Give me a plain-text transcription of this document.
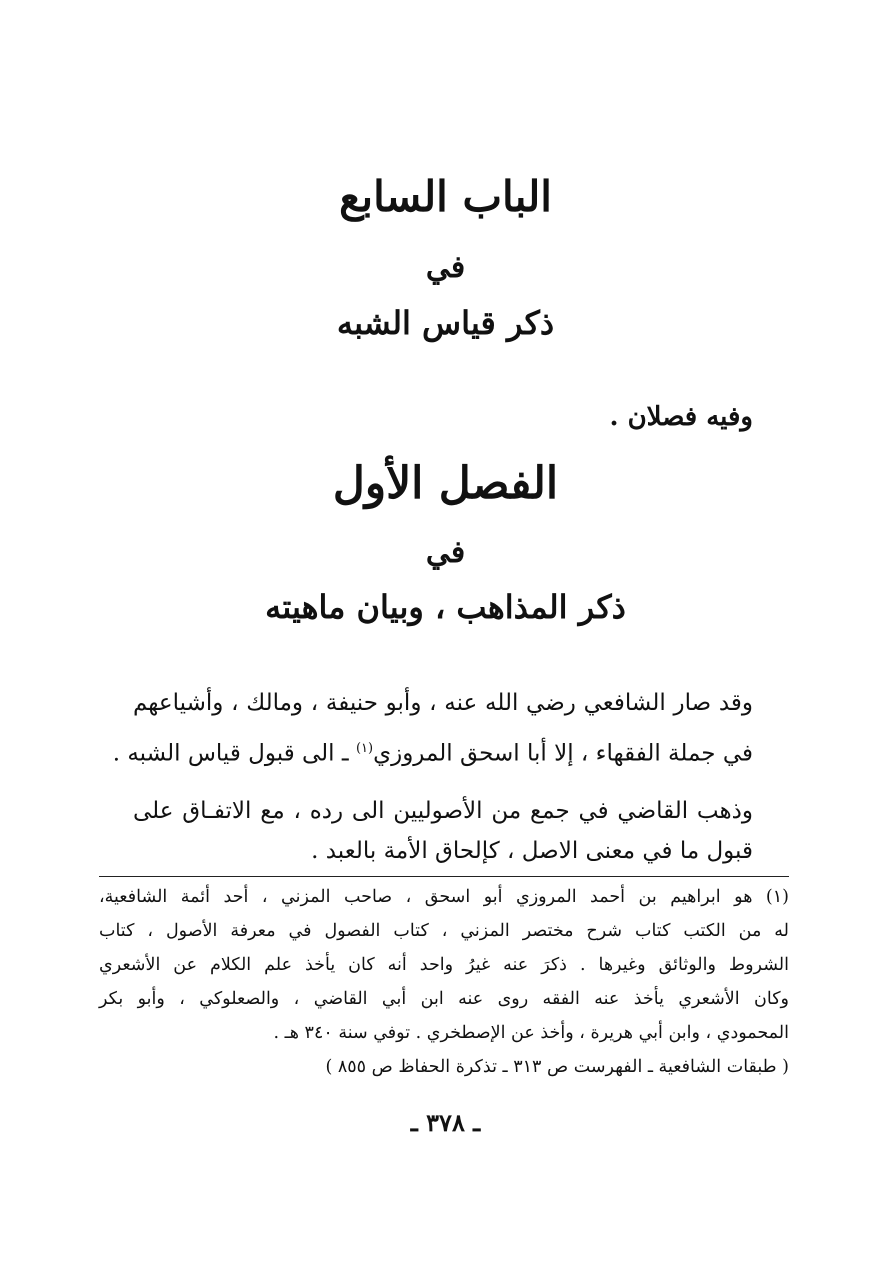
الباب السابع
في
ذكر قياس الشبه
وفيه فصلان .
الفصل الأول
في
ذكر المذاهب ، وبيان ماهيته
وقد صار الشافعي رضي الله عنه ، وأبو حنيفة ، ومالك ، وأشياعهم
في جملة الفقهاء ، إلا أبا اسحق المروزي$^{(١)}$ ـ الى قبول قياس الشبه .
وذهب القاضي في جمع من الأصوليين الى رده ، مع الاتفـاق على
قبول ما في معنى الاصل ، كإلحاق الأمة بالعبد .
(١) هو ابراهيم بن أحمد المروزي أبو اسحق ، صاحب المزني ، أحد أئمة الشافعية،
له من الكتب كتاب شرح مختصر المزني ، كتاب الفصول في معرفة الأصول ، كتاب
الشروط والوثائق وغيرها . ذكرَ عنه غيرُ واحد أنه كان يأخذ علم الكلام عن الأشعري
وكان الأشعري يأخذ عنه الفقه روى عنه ابن أبي القاضي ، والصعلوكي ، وأبو بكر
المحمودي ، وابن أبي هريرة ، وأخذ عن الإصطخري . توفي سنة ٣٤٠ هـ .
( طبقات الشافعية ـ الفهرست ص ٣١٣ ـ تذكرة الحفاظ ص ٨٥٥ )
ـ ٣٧٨ ـ
